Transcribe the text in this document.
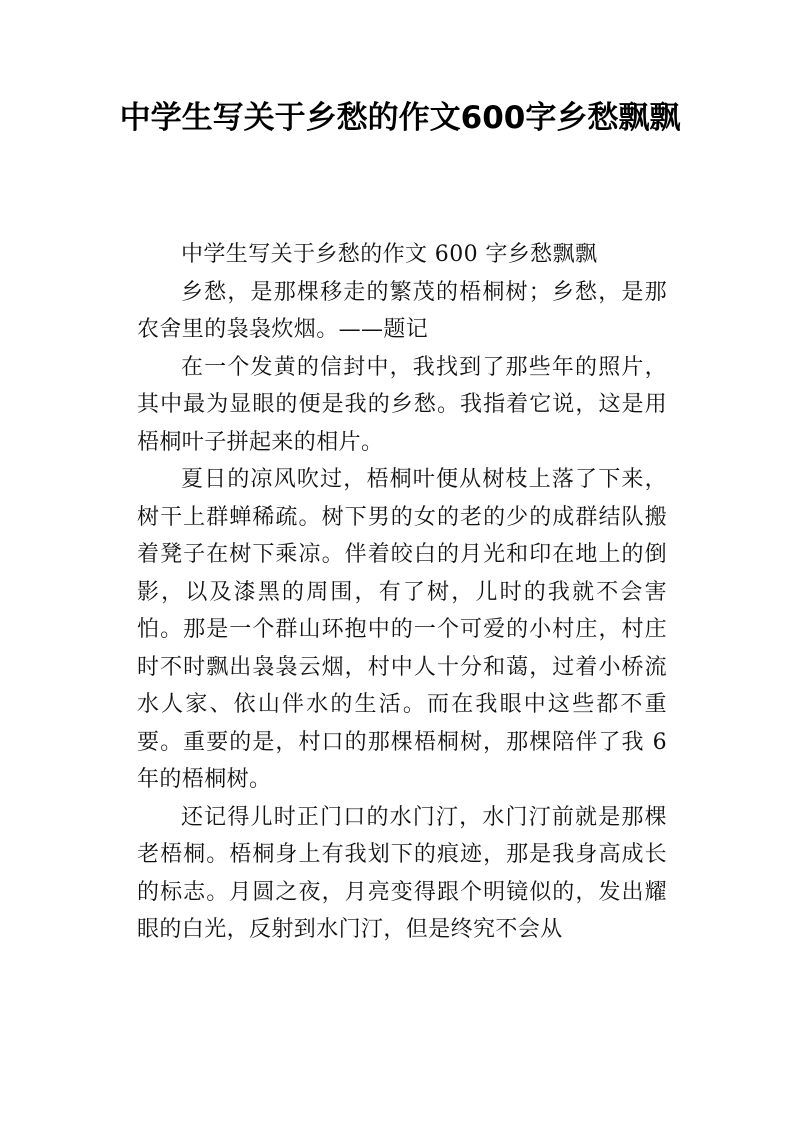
中学生写关于乡愁的作文600字乡愁飘飘

中学生写关于乡愁的作文 600 字乡愁飘飘

乡愁，是那棵移走的繁茂的梧桐树；乡愁，是那农舍里的袅袅炊烟。——题记

在一个发黄的信封中，我找到了那些年的照片，其中最为显眼的便是我的乡愁。我指着它说，这是用梧桐叶子拼起来的相片。

夏日的凉风吹过，梧桐叶便从树枝上落了下来，树干上群蝉稀疏。树下男的女的老的少的成群结队搬着凳子在树下乘凉。伴着皎白的月光和印在地上的倒影，以及漆黑的周围，有了树，儿时的我就不会害怕。那是一个群山环抱中的一个可爱的小村庄，村庄时不时飘出袅袅云烟，村中人十分和蔼，过着小桥流水人家、依山伴水的生活。而在我眼中这些都不重要。重要的是，村口的那棵梧桐树，那棵陪伴了我 6 年的梧桐树。

还记得儿时正门口的水门汀，水门汀前就是那棵老梧桐。梧桐身上有我划下的痕迹，那是我身高成长的标志。月圆之夜，月亮变得跟个明镜似的，发出耀眼的白光，反射到水门汀，但是终究不会从
